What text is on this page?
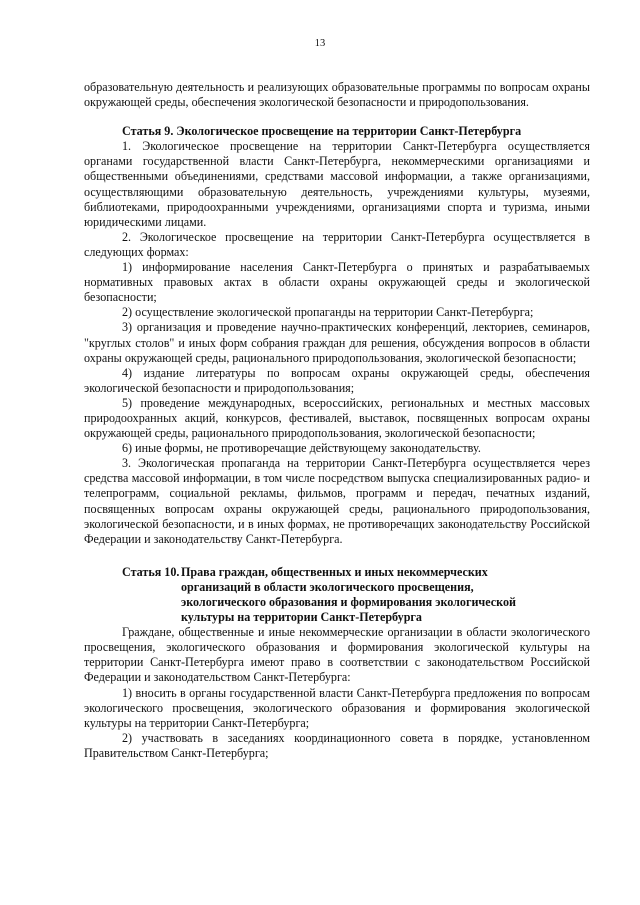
13

образовательную деятельность и реализующих образовательные программы по вопросам охраны окружающей среды, обеспечения экологической безопасности и природопользования.

Статья 9. Экологическое просвещение на территории Санкт-Петербурга

1. Экологическое просвещение на территории Санкт-Петербурга осуществляется органами государственной власти Санкт-Петербурга, некоммерческими организациями и общественными объединениями, средствами массовой информации, а также организациями, осуществляющими образовательную деятельность, учреждениями культуры, музеями, библиотеками, природоохранными учреждениями, организациями спорта и туризма, иными юридическими лицами.

2. Экологическое просвещение на территории Санкт-Петербурга осуществляется в следующих формах:

1) информирование населения Санкт-Петербурга о принятых и разрабатываемых нормативных правовых актах в области охраны окружающей среды и экологической безопасности;

2) осуществление экологической пропаганды на территории Санкт-Петербурга;

3) организация и проведение научно-практических конференций, лекториев, семинаров, "круглых столов" и иных форм собрания граждан для решения, обсуждения вопросов в области охраны окружающей среды, рационального природопользования, экологической безопасности;

4) издание литературы по вопросам охраны окружающей среды, обеспечения экологической безопасности и природопользования;

5) проведение международных, всероссийских, региональных и местных массовых природоохранных акций, конкурсов, фестивалей, выставок, посвященных вопросам охраны окружающей среды, рационального природопользования, экологической безопасности;

6) иные формы, не противоречащие действующему законодательству.

3. Экологическая пропаганда на территории Санкт-Петербурга осуществляется через средства массовой информации, в том числе посредством выпуска специализированных радио- и телепрограмм, социальной рекламы, фильмов, программ и передач, печатных изданий, посвященных вопросам охраны окружающей среды, рационального природопользования, экологической безопасности, и в иных формах, не противоречащих законодательству Российской Федерации и законодательству Санкт-Петербурга.

Статья 10. Права граждан, общественных и иных некоммерческих организаций в области экологического просвещения, экологического образования и формирования экологической культуры на территории Санкт-Петербурга

Граждане, общественные и иные некоммерческие организации в области экологического просвещения, экологического образования и формирования экологической культуры на территории Санкт-Петербурга имеют право в соответствии с законодательством Российской Федерации и законодательством Санкт-Петербурга:

1) вносить в органы государственной власти Санкт-Петербурга предложения по вопросам экологического просвещения, экологического образования и формирования экологической культуры на территории Санкт-Петербурга;

2) участвовать в заседаниях координационного совета в порядке, установленном Правительством Санкт-Петербурга;
